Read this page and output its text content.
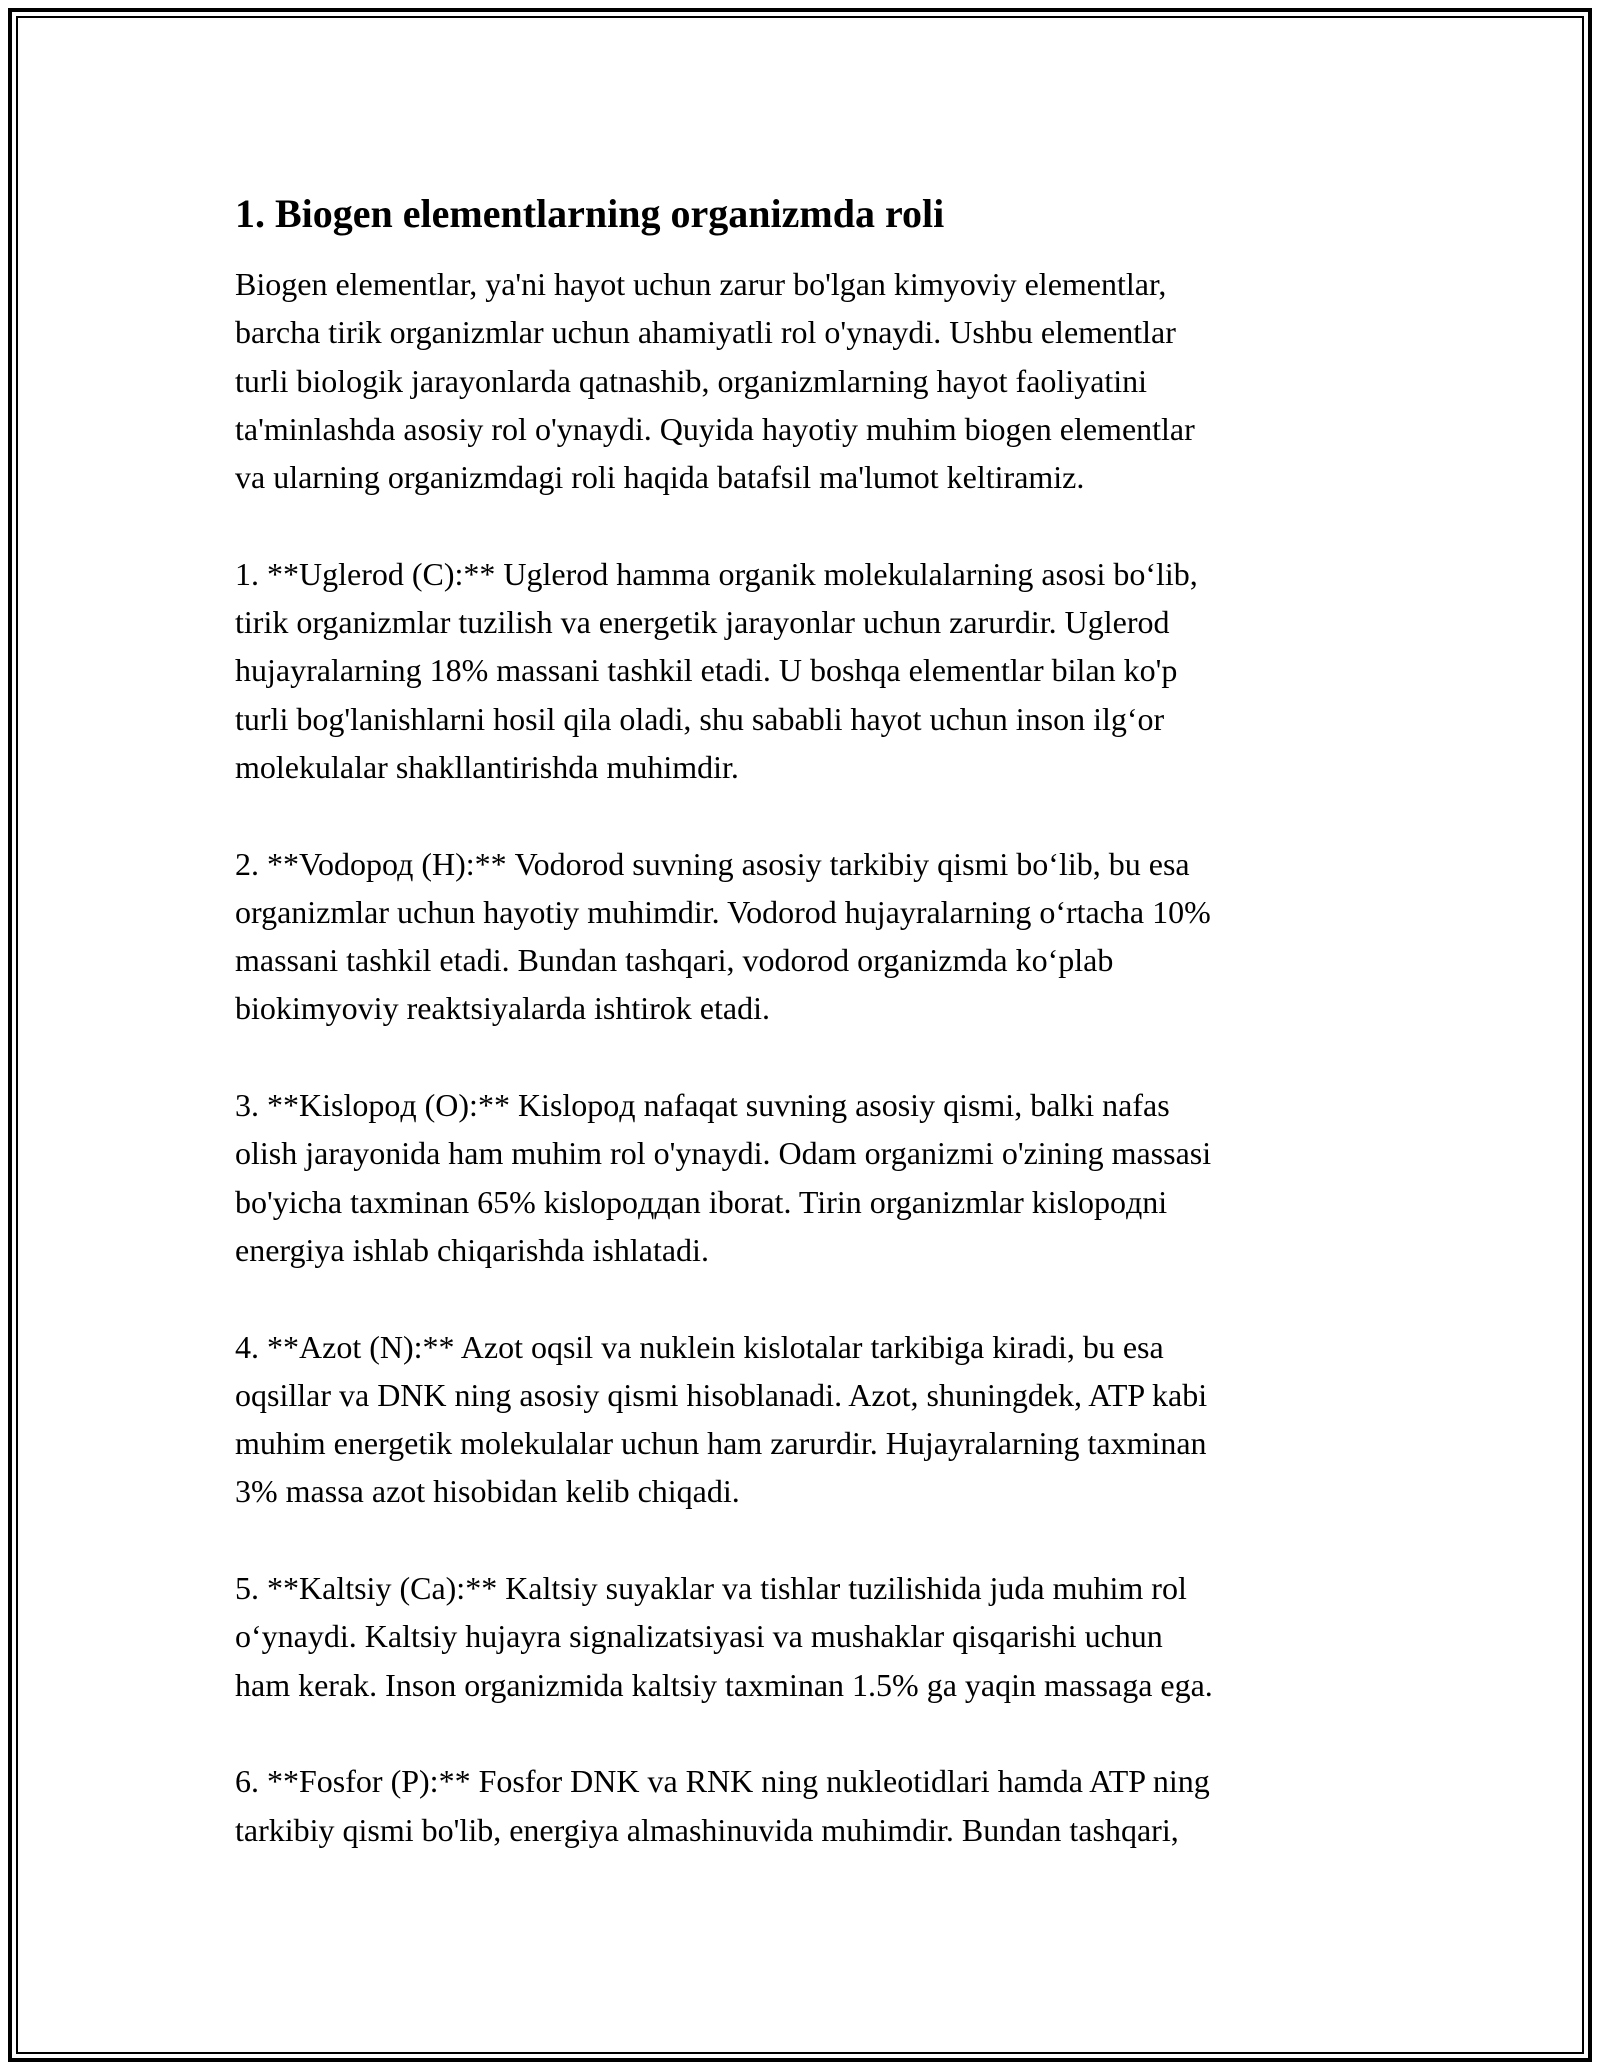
1. Biogen elementlarning organizmda roli

Biogen elementlar, ya'ni hayot uchun zarur bo'lgan kimyoviy elementlar,
barcha tirik organizmlar uchun ahamiyatli rol o'ynaydi. Ushbu elementlar
turli biologik jarayonlarda qatnashib, organizmlarning hayot faoliyatini
ta'minlashda asosiy rol o'ynaydi. Quyida hayotiy muhim biogen elementlar
va ularning organizmdagi roli haqida batafsil ma'lumot keltiramiz.

1. **Uglerod (C):** Uglerod hamma organik molekulalarning asosi bo‘lib,
tirik organizmlar tuzilish va energetik jarayonlar uchun zarurdir. Uglerod
hujayralarning 18% massani tashkil etadi. U boshqa elementlar bilan ko'p
turli bog'lanishlarni hosil qila oladi, shu sababli hayot uchun inson ilg‘or
molekulalar shakllantirishda muhimdir.

2. **Vodoрод (H):** Vodorod suvning asosiy tarkibiy qismi bo‘lib, bu esa
organizmlar uchun hayotiy muhimdir. Vodorod hujayralarning o‘rtacha 10%
massani tashkil etadi. Bundan tashqari, vodorod organizmda ko‘plab
biokimyoviy reaktsiyalarda ishtirok etadi.

3. **Kislopoд (O):** Kislopoд nafaqat suvning asosiy qismi, balki nafas
olish jarayonida ham muhim rol o'ynaydi. Odam organizmi o'zining massasi
bo'yicha taxminan 65% kislopoддan iborat. Tirin organizmlar kislopoдni
energiya ishlab chiqarishda ishlatadi.

4. **Azot (N):** Azot oqsil va nuklein kislotalar tarkibiga kiradi, bu esa
oqsillar va DNK ning asosiy qismi hisoblanadi. Azot, shuningdek, ATP kabi
muhim energetik molekulalar uchun ham zarurdir. Hujayralarning taxminan
3% massa azot hisobidan kelib chiqadi.

5. **Kaltsiy (Ca):** Kaltsiy suyaklar va tishlar tuzilishida juda muhim rol
o‘ynaydi. Kaltsiy hujayra signalizatsiyasi va mushaklar qisqarishi uchun
ham kerak. Inson organizmida kaltsiy taxminan 1.5% ga yaqin massaga ega.

6. **Fosfor (P):** Fosfor DNK va RNK ning nukleotidlari hamda ATP ning
tarkibiy qismi bo'lib, energiya almashinuvida muhimdir. Bundan tashqari,
